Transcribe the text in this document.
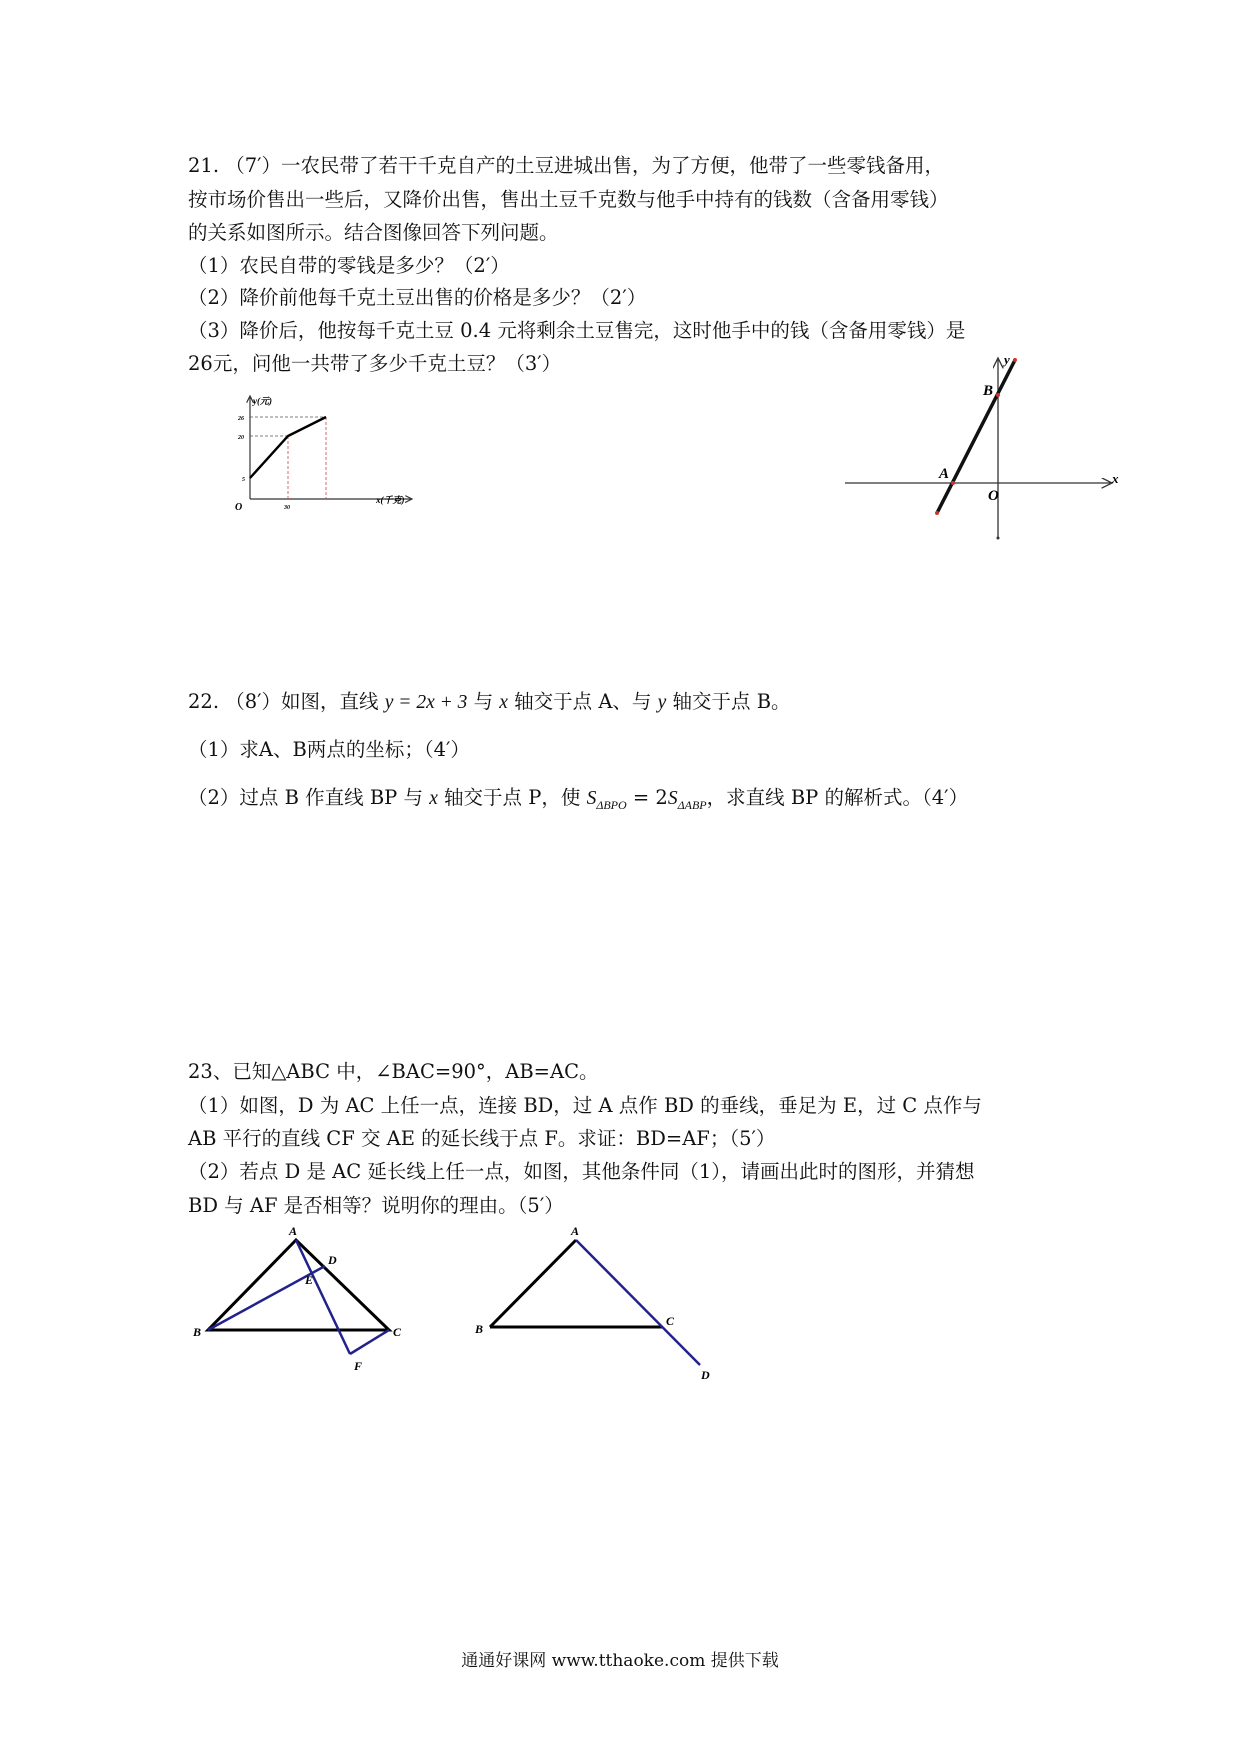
21. （7′）一农民带了若干千克自产的土豆进城出售，为了方便，他带了一些零钱备用，
按市场价售出一些后，又降价出售，售出土豆千克数与他手中持有的钱数（含备用零钱）
的关系如图所示。结合图像回答下列问题。
（1）农民自带的零钱是多少？（2′）
（2）降价前他每千克土豆出售的价格是多少？（2′）
（3）降价后，他按每千克土豆 0.4 元将剩余土豆售完，这时他手中的钱（含备用零钱）是
26元，问他一共带了多少千克土豆？（3′）
y(元)
x(千克)
O
26
20
5
30
A
B
O
x
y
22. （8′）如图，直线 y = 2x + 3 与 x 轴交于点 A、与 y 轴交于点 B。
（1）求A、B两点的坐标；（4′）
（2）过点 B 作直线 BP 与 x 轴交于点 P，使 $S_{\Delta BPO} = 2S_{\Delta ABP}$，求直线 BP 的解析式。（4′）
23、已知△ABC 中，∠BAC=90°，AB=AC。
（1）如图，D 为 AC 上任一点，连接 BD，过 A 点作 BD 的垂线，垂足为 E，过 C 点作与
AB 平行的直线 CF 交 AE 的延长线于点 F。求证：BD=AF；（5′）
（2）若点 D 是 AC 延长线上任一点，如图，其他条件同（1），请画出此时的图形，并猜想
BD 与 AF 是否相等？说明你的理由。（5′）
A
B	C
D
E
F
A
B
C
D
通通好课网 www.tthaoke.com 提供下载
